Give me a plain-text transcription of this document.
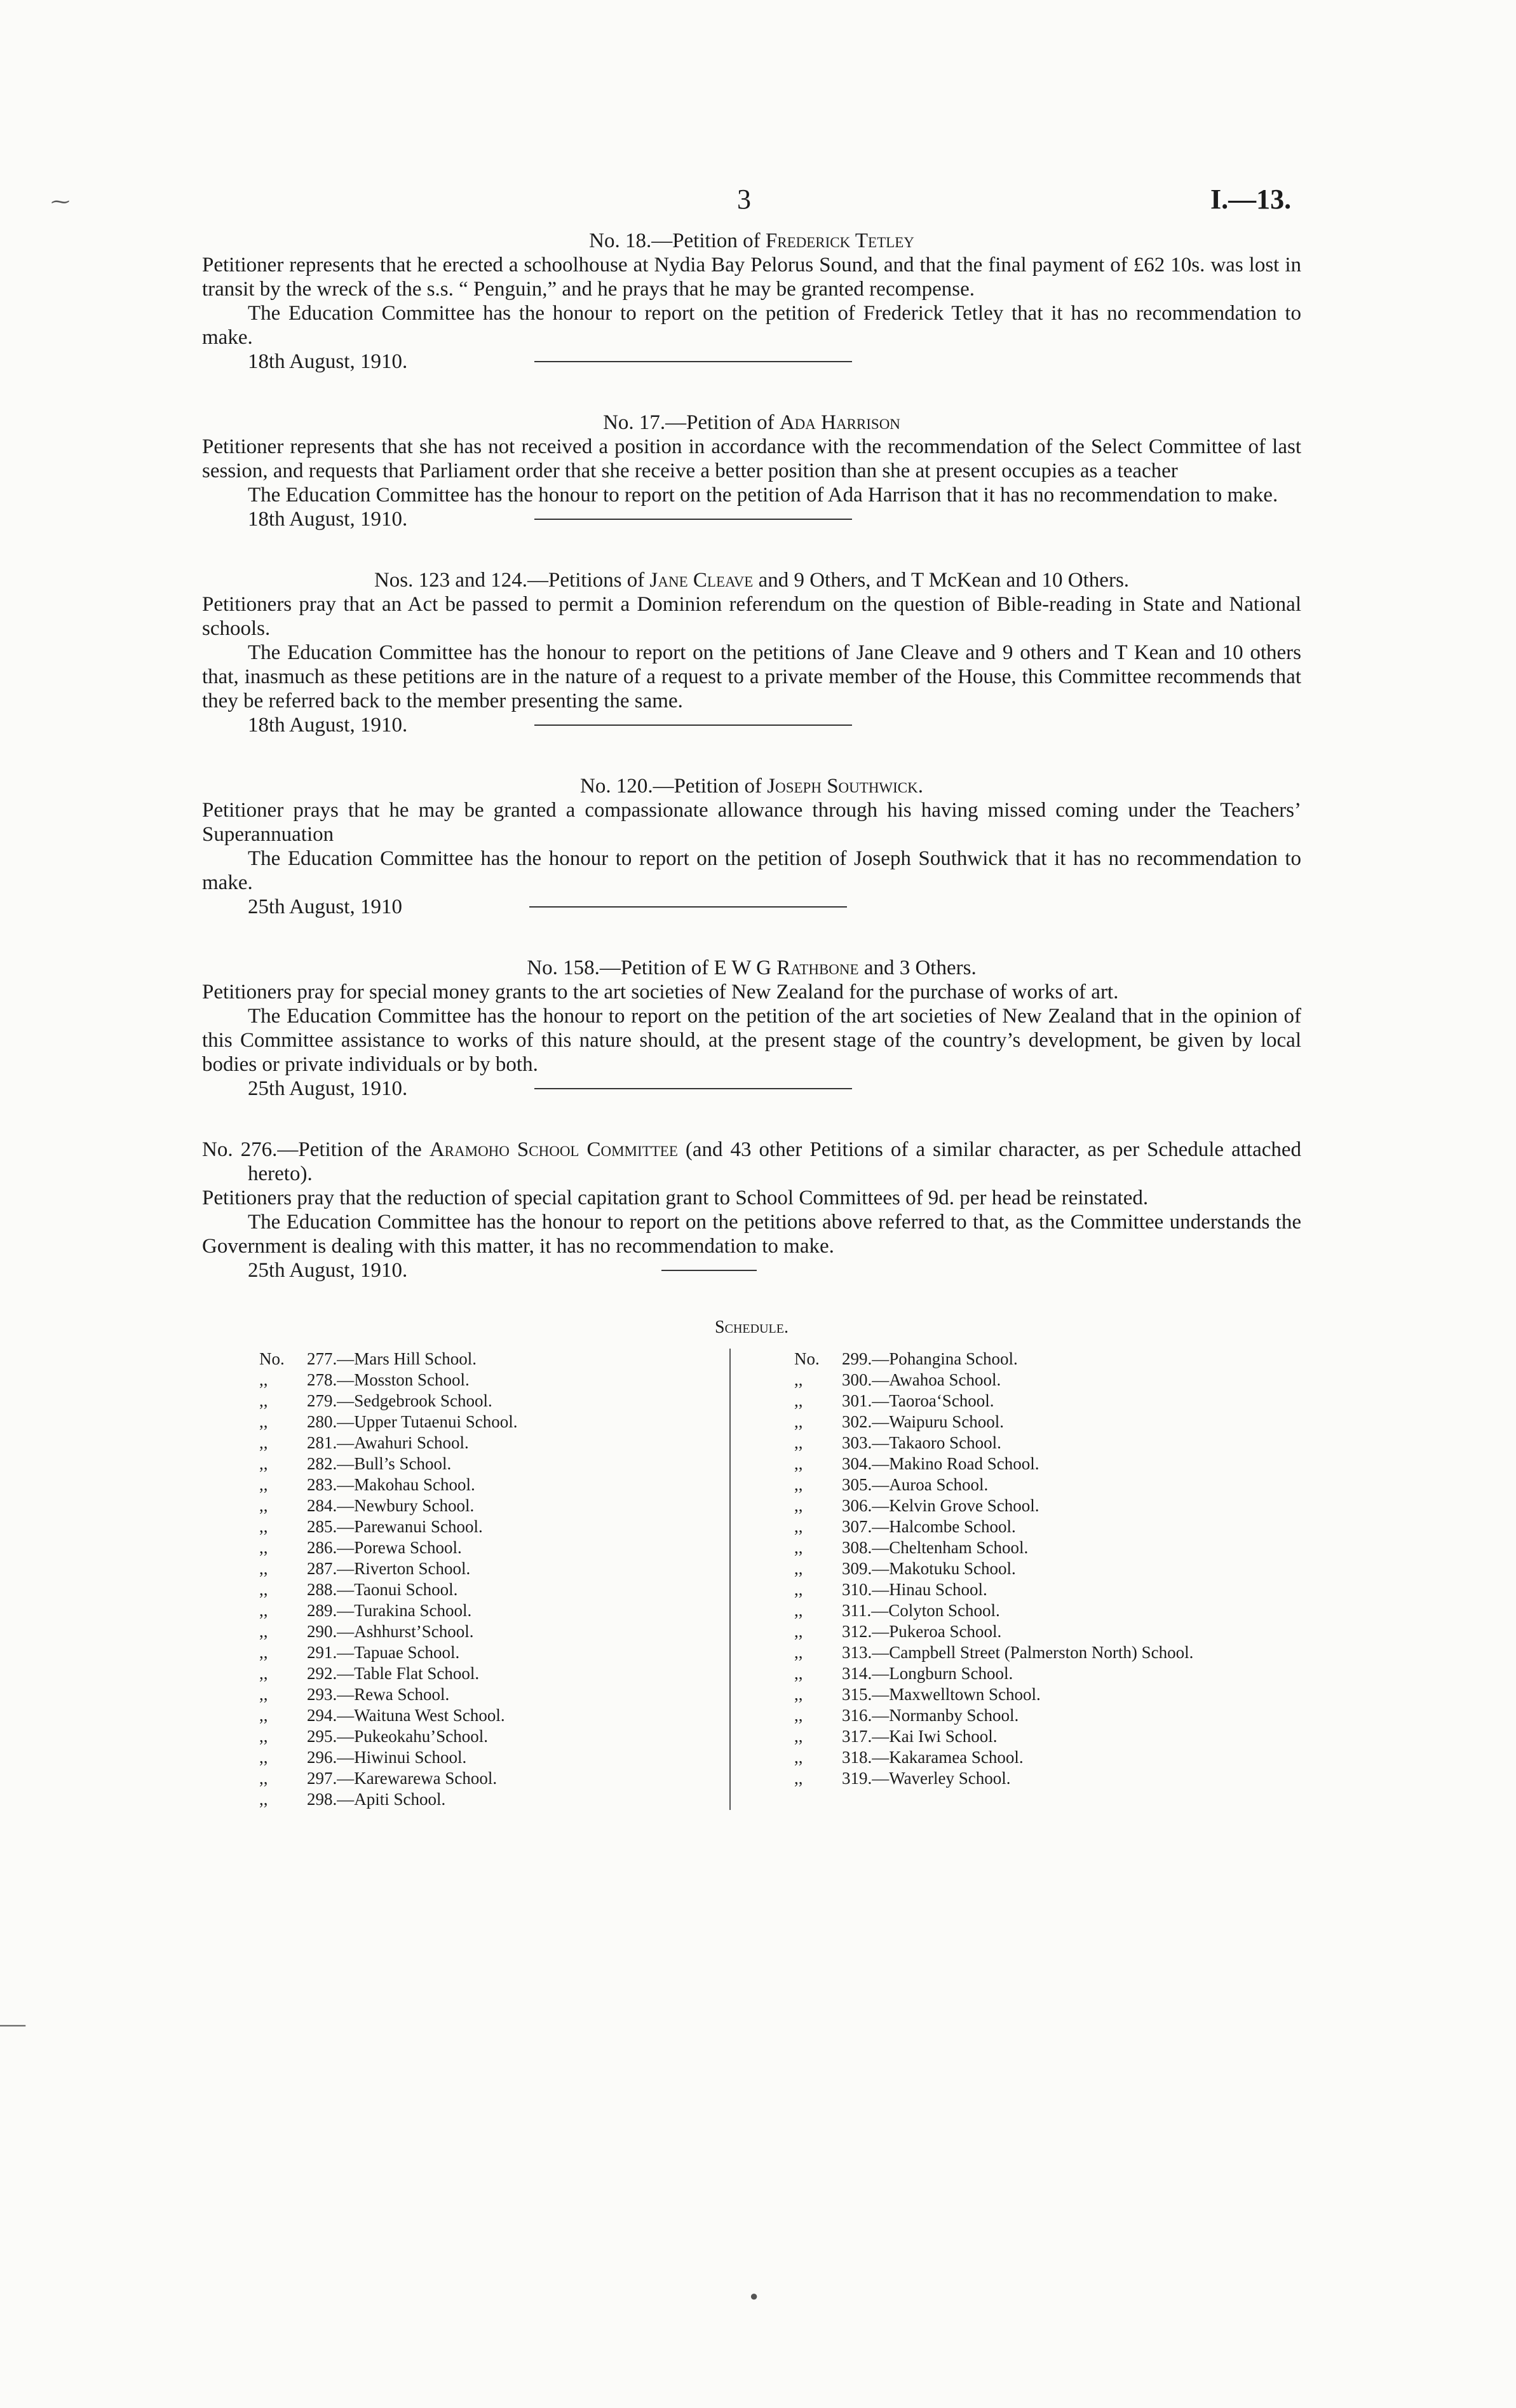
3	I.—13.
No. 18.—Petition of Frederick Tetley

Petitioner represents that he erected a schoolhouse at Nydia Bay Pelorus Sound, and that the final payment of £62 10s. was lost in transit by the wreck of the s.s. “ Penguin,” and he prays that he may be granted recompense.

The Education Committee has the honour to report on the petition of Frederick Tetley that it has no recommendation to make.

18th August, 1910.
No. 17.—Petition of Ada Harrison

Petitioner represents that she has not received a position in accordance with the recommendation of the Select Committee of last session, and requests that Parliament order that she receive a better position than she at present occupies as a teacher

The Education Committee has the honour to report on the petition of Ada Harrison that it has no recommendation to make.

18th August, 1910.
Nos. 123 and 124.—Petitions of Jane Cleave and 9 Others, and T McKean and 10 Others.

Petitioners pray that an Act be passed to permit a Dominion referendum on the question of Bible-reading in State and National schools.

The Education Committee has the honour to report on the petitions of Jane Cleave and 9 others and T Kean and 10 others that, inasmuch as these petitions are in the nature of a request to a private member of the House, this Committee recommends that they be referred back to the member presenting the same.

18th August, 1910.
No. 120.—Petition of Joseph Southwick.

Petitioner prays that he may be granted a compassionate allowance through his having missed coming under the Teachers’ Superannuation

The Education Committee has the honour to report on the petition of Joseph Southwick that it has no recommendation to make.

25th August, 1910
No. 158.—Petition of E W G Rathbone and 3 Others.

Petitioners pray for special money grants to the art societies of New Zealand for the purchase of works of art.

The Education Committee has the honour to report on the petition of the art societies of New Zealand that in the opinion of this Committee assistance to works of this nature should, at the present stage of the country’s development, be given by local bodies or private individuals or by both.

25th August, 1910.

No. 276.—Petition of the Aramoho School Committee (and 43 other Petitions of a similar character, as per Schedule attached hereto).

Petitioners pray that the reduction of special capitation grant to School Committees of 9d. per head be reinstated.

The Education Committee has the honour to report on the petitions above referred to that, as the Committee understands the Government is dealing with this matter, it has no recommendation to make.

25th August, 1910.
Schedule.
No.	277.—Mars Hill School.
,,	278.—Mosston School.
,,	279.—Sedgebrook School.
,,	280.—Upper Tutaenui School.
,,	281.—Awahuri School.
,,	282.—Bull’s School.
,,	283.—Makohau School.
,,	284.—Newbury School.
,,	285.—Parewanui School.
,,	286.—Porewa School.
,,	287.—Riverton School.
,,	288.—Taonui School.
,,	289.—Turakina School.
,,	290.—Ashhurst’School.
,,	291.—Tapuae School.
,,	292.—Table Flat School.
,,	293.—Rewa School.
,,	294.—Waituna West School.
,,	295.—Pukeokahu’School.
,,	296.—Hiwinui School.
,,	297.—Karewarewa School.
,,	298.—Apiti School.
No.	299.—Pohangina School.
,,	300.—Awahoa School.
,,	301.—Taoroa‘School.
,,	302.—Waipuru School.
,,	303.—Takaoro School.
,,	304.—Makino Road School.
,,	305.—Auroa School.
,,	306.—Kelvin Grove School.
,,	307.—Halcombe School.
,,	308.—Cheltenham School.
,,	309.—Makotuku School.
,,	310.—Hinau School.
,,	311.—Colyton School.
,,	312.—Pukeroa School.
,,	313.—Campbell Street (Palmerston North) School.
,,	314.—Longburn School.
,,	315.—Maxwelltown School.
,,	316.—Normanby School.
,,	317.—Kai Iwi School.
,,	318.—Kakaramea School.
,,	319.—Waverley School.
⁓
—
●
